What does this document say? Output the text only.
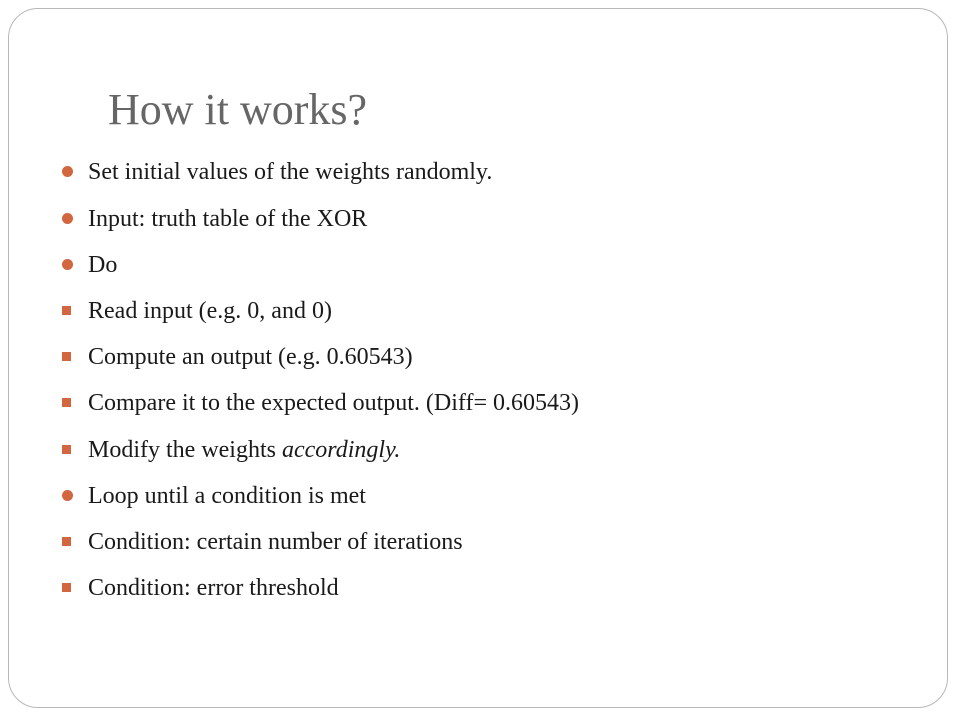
How it works?
Set initial values of the weights randomly.
Input: truth table of the XOR
Do
Read input (e.g. 0, and 0)
Compute an output (e.g. 0.60543)
Compare it to the expected output. (Diff= 0.60543)
Modify the weights accordingly.
Loop until a condition is met
Condition: certain number of iterations
Condition: error threshold
